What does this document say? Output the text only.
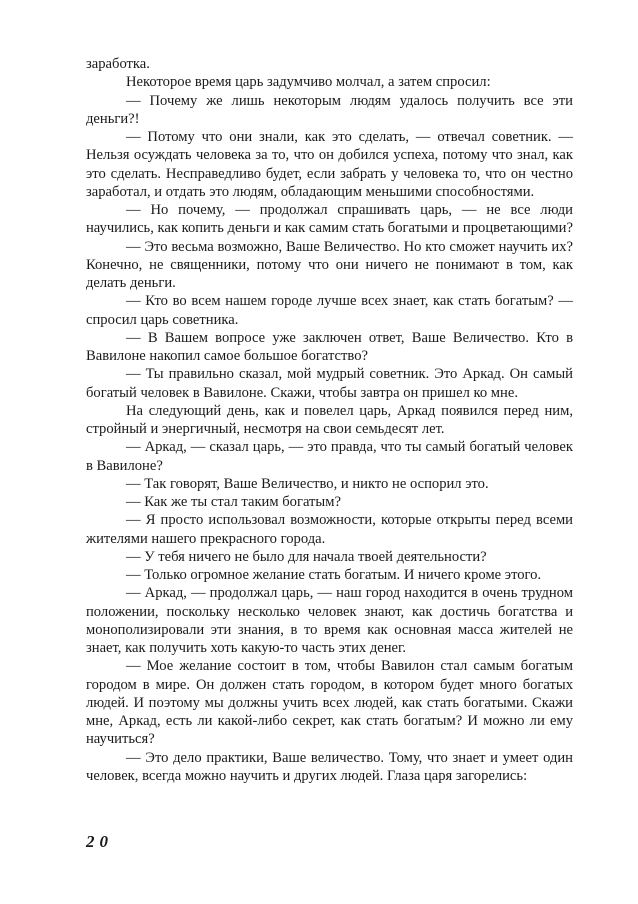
заработка.

Некоторое время царь задумчиво молчал, а затем спросил:

— Почему же лишь некоторым людям удалось получить все эти деньги?!

— Потому что они знали, как это сделать, — отвечал советник. — Нельзя осуждать человека за то, что он добился успеха, потому что знал, как это сделать. Несправедливо будет, если забрать у человека то, что он честно заработал, и отдать это людям, обладающим меньшими способностями.

— Но почему, — продолжал спрашивать царь, — не все люди научились, как копить деньги и как самим стать богатыми и процветающими?

— Это весьма возможно, Ваше Величество. Но кто сможет научить их? Конечно, не священники, потому что они ничего не понимают в том, как делать деньги.

— Кто во всем нашем городе лучше всех знает, как стать богатым? — спросил царь советника.

— В Вашем вопросе уже заключен ответ, Ваше Величество. Кто в Вавилоне накопил самое большое богатство?

— Ты правильно сказал, мой мудрый советник. Это Аркад. Он самый богатый человек в Вавилоне. Скажи, чтобы завтра он пришел ко мне.

На следующий день, как и повелел царь, Аркад появился перед ним, стройный и энергичный, несмотря на свои семьдесят лет.

— Аркад, — сказал царь, — это правда, что ты самый богатый человек в Вавилоне?

— Так говорят, Ваше Величество, и никто не оспорил это.

— Как же ты стал таким богатым?

— Я просто использовал возможности, которые открыты перед всеми жителями нашего прекрасного города.

— У тебя ничего не было для начала твоей деятельности?

— Только огромное желание стать богатым. И ничего кроме этого.

— Аркад, — продолжал царь, — наш город находится в очень трудном положении, поскольку несколько человек знают, как достичь богатства и монополизировали эти знания, в то время как основная масса жителей не знает, как получить хоть какую-то часть этих денег.

— Мое желание состоит в том, чтобы Вавилон стал самым богатым городом в мире. Он должен стать городом, в котором будет много богатых людей. И поэтому мы должны учить всех людей, как стать богатыми. Скажи мне, Аркад, есть ли какой-либо секрет, как стать богатым? И можно ли ему научиться?

— Это дело практики, Ваше величество. Тому, что знает и умеет один человек, всегда можно научить и других людей. Глаза царя загорелись:

20
